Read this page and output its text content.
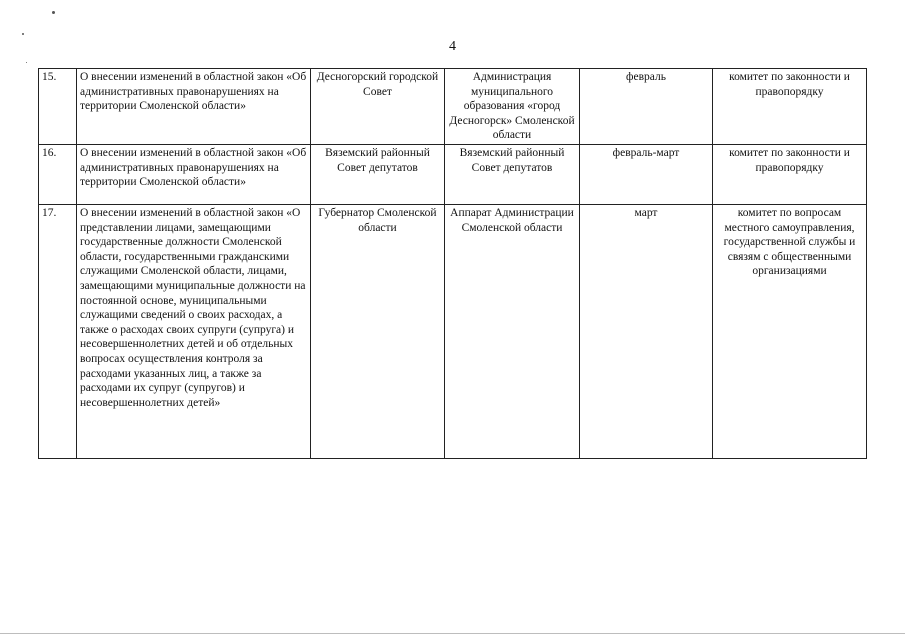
4
15.	О внесении изменений в областной закон «Об административных правонарушениях на территории Смоленской области»	Десногорский городской Совет	Администрация муниципального образования «город Десногорск» Смоленской области	февраль	комитет по законности и правопорядку
16.	О внесении изменений в областной закон «Об административных правонарушениях на территории Смоленской области»	Вяземский районный Совет депутатов	Вяземский районный Совет депутатов	февраль-март	комитет по законности и правопорядку
17.	О внесении изменений в областной закон «О представлении лицами, замещающими государственные должности Смоленской области, государственными гражданскими служащими Смоленской области, лицами, замещающими муниципальные должности на постоянной основе, муниципальными служащими сведений о своих расходах, а также о расходах своих супруги (супруга) и несовершеннолетних детей и об отдельных вопросах осуществления контроля за расходами указанных лиц, а также за расходами их супруг (супругов) и несовершеннолетних детей»	Губернатор Смоленской области	Аппарат Администрации Смоленской области	март	комитет по вопросам местного самоуправления, государственной службы и связям с общественными организациями
